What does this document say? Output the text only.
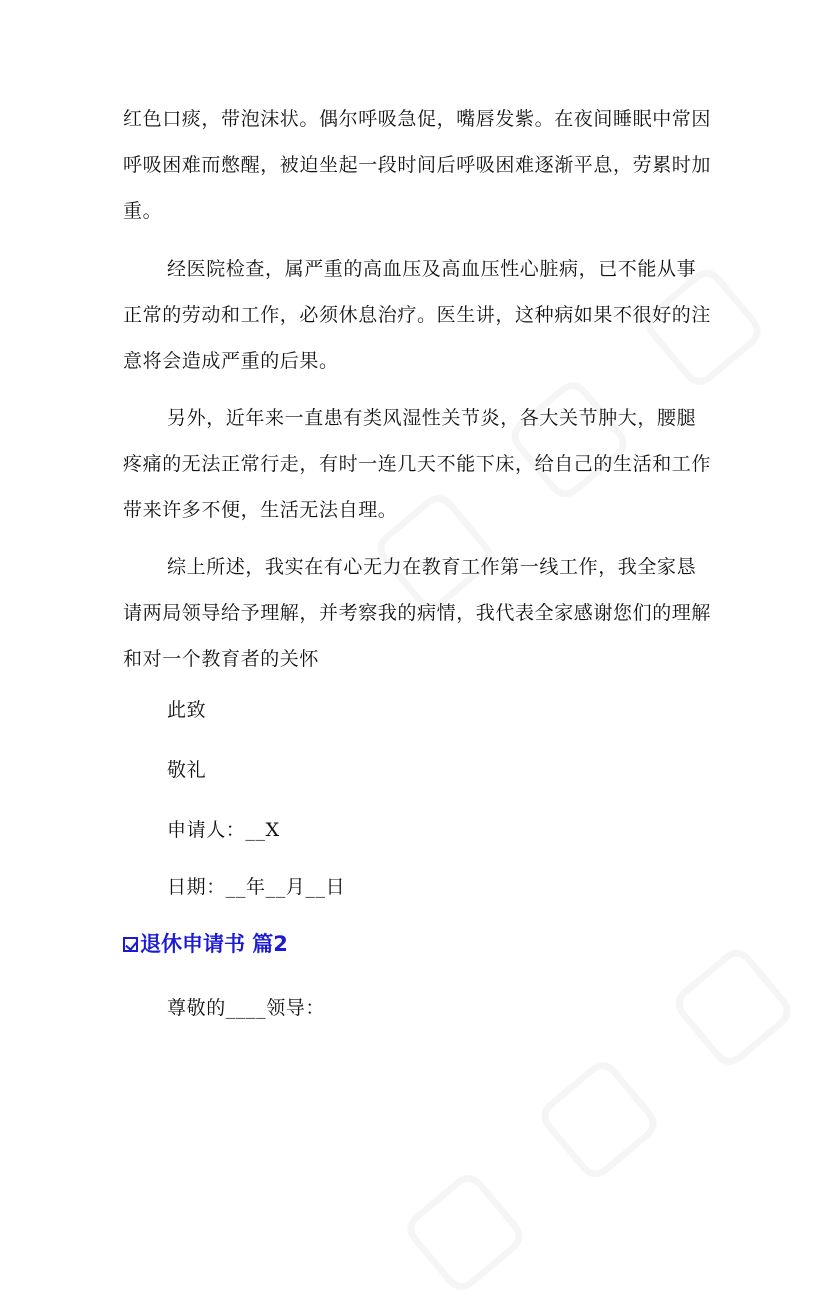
红色口痰，带泡沫状。偶尔呼吸急促，嘴唇发紫。在夜间睡眠中常因呼吸困难而憋醒，被迫坐起一段时间后呼吸困难逐渐平息，劳累时加重。

经医院检查，属严重的高血压及高血压性心脏病，已不能从事正常的劳动和工作，必须休息治疗。医生讲，这种病如果不很好的注意将会造成严重的后果。

另外，近年来一直患有类风湿性关节炎，各大关节肿大，腰腿疼痛的无法正常行走，有时一连几天不能下床，给自己的生活和工作带来许多不便，生活无法自理。

综上所述，我实在有心无力在教育工作第一线工作，我全家恳请两局领导给予理解，并考察我的病情，我代表全家感谢您们的理解和对一个教育者的关怀

此致

敬礼

申请人：__X

日期：__年__月__日

退休申请书 篇2

尊敬的____领导：
